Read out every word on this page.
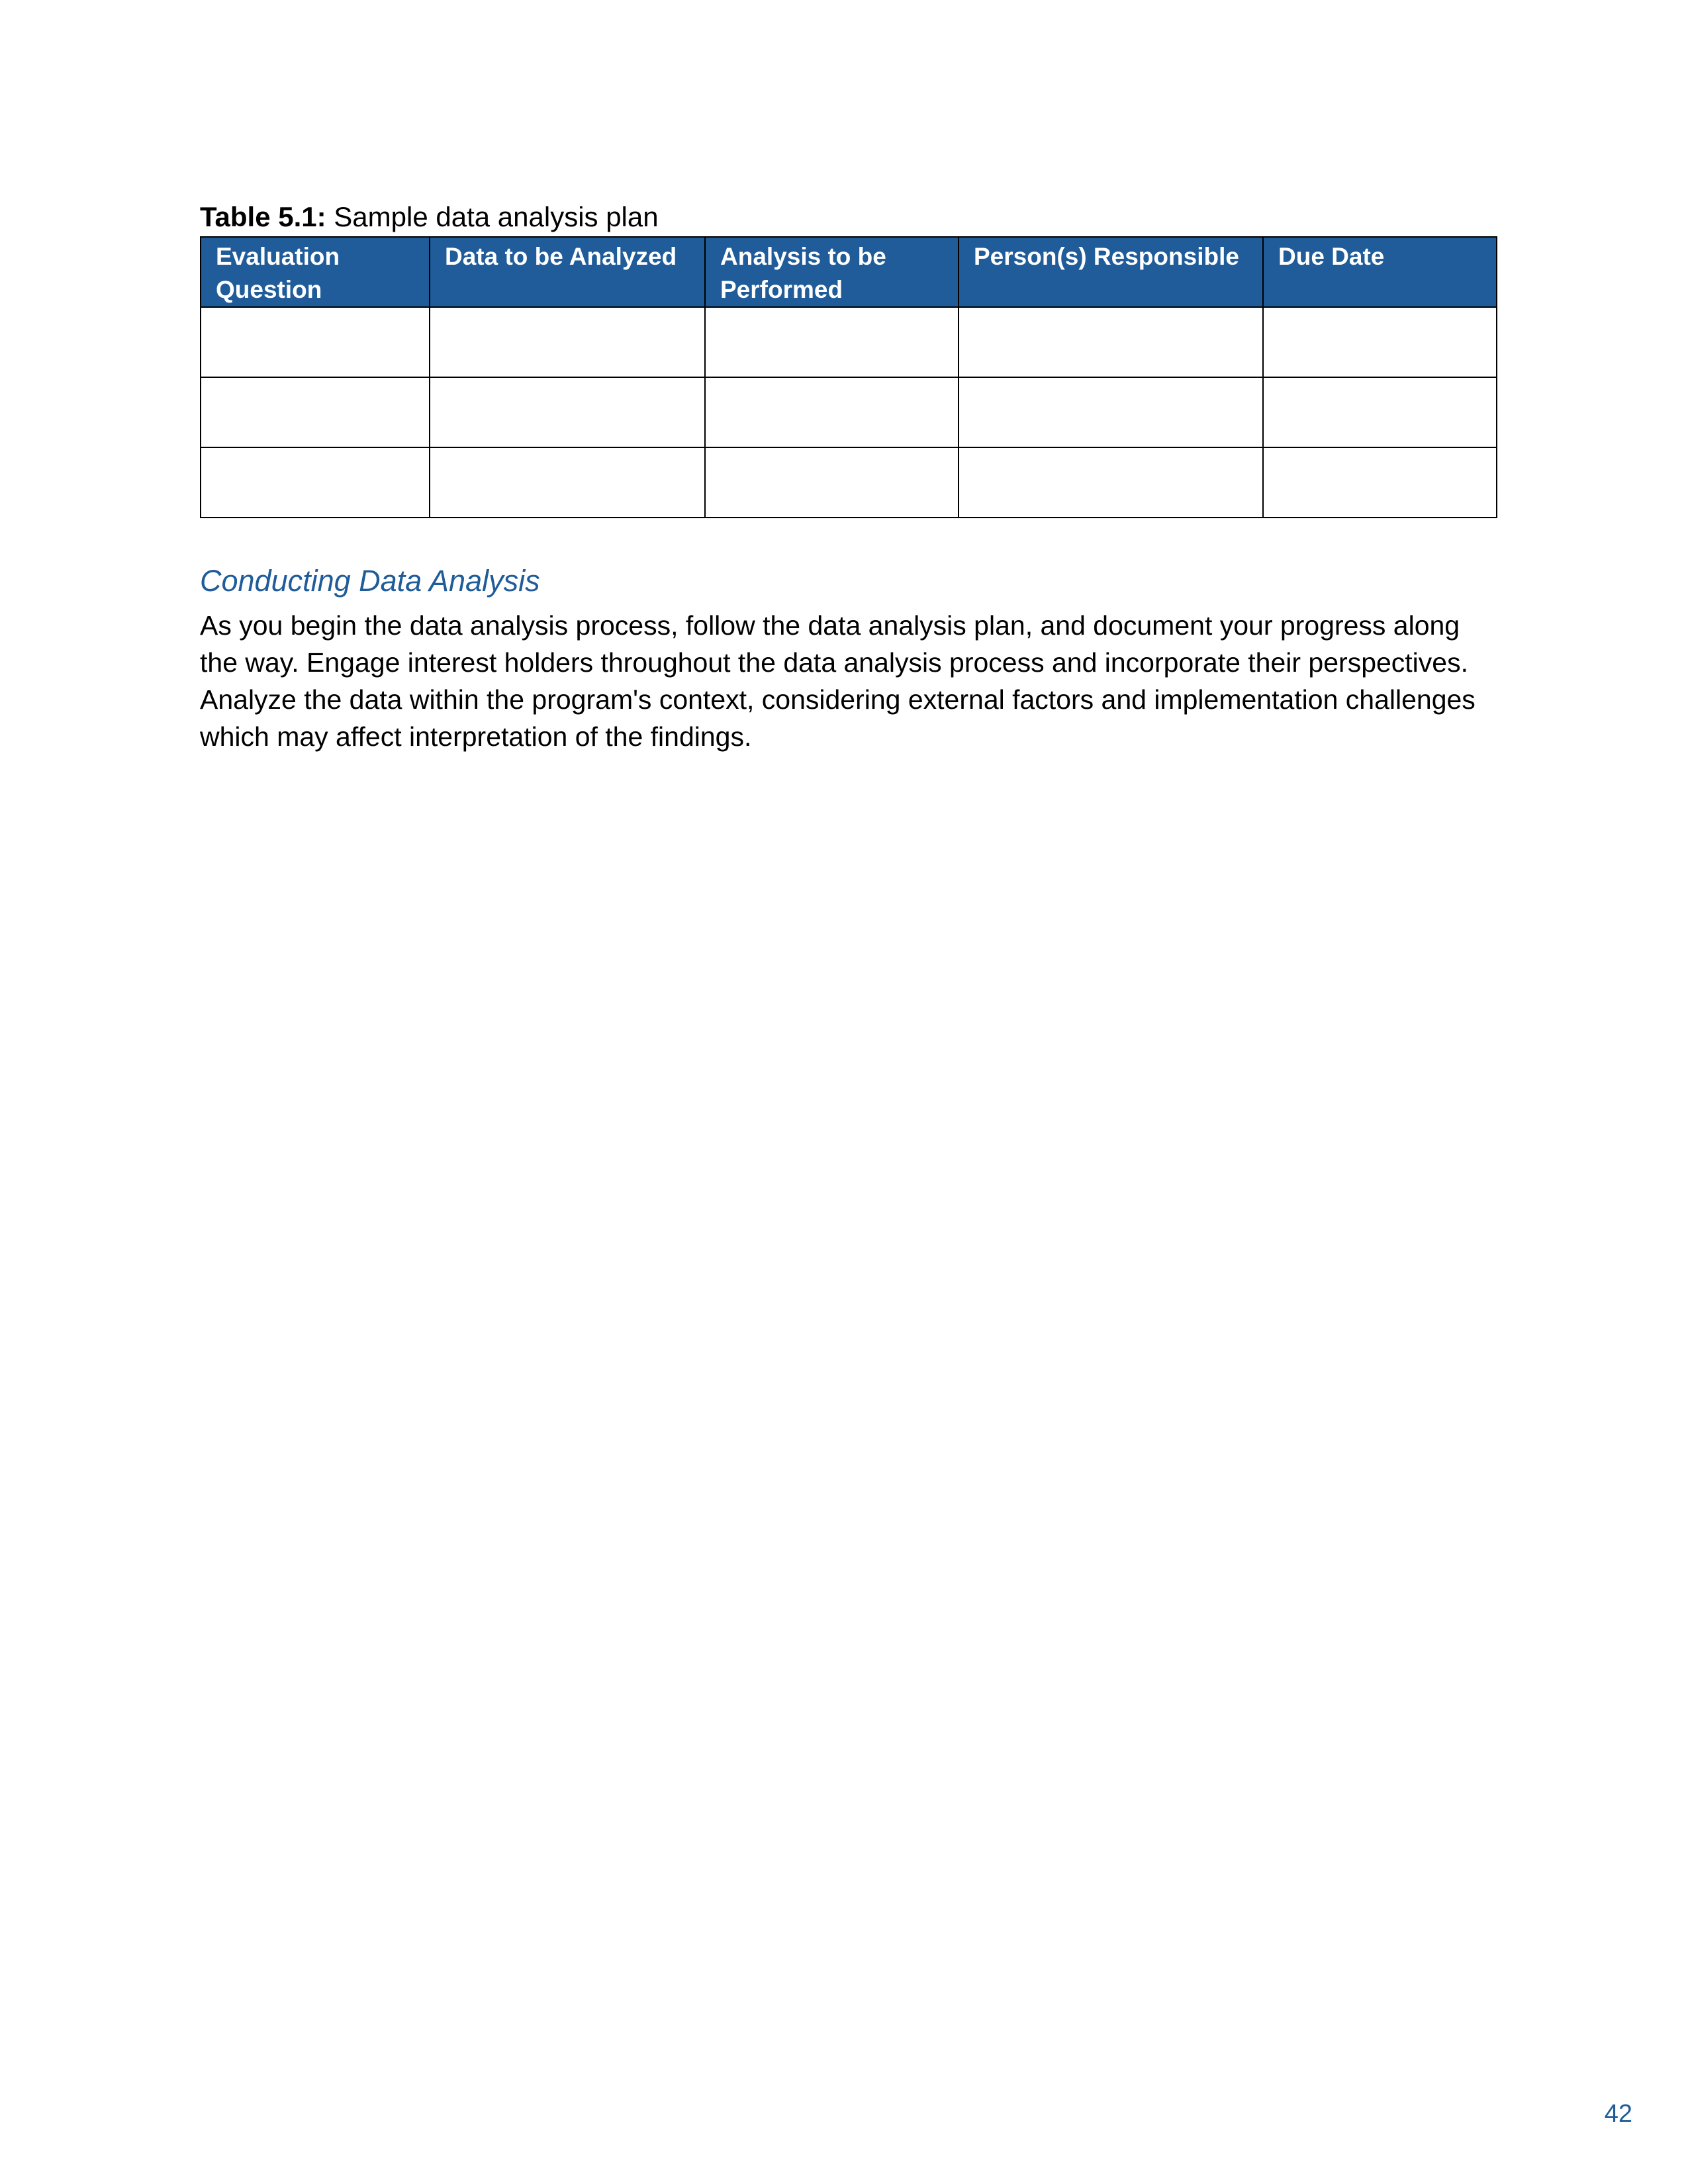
Table 5.1: Sample data analysis plan
Evaluation Question	Data to be Analyzed	Analysis to be Performed	Person(s) Responsible	Due Date

Conducting Data Analysis

As you begin the data analysis process, follow the data analysis plan, and document your progress along the way. Engage interest holders throughout the data analysis process and incorporate their perspectives. Analyze the data within the program's context, considering external factors and implementation challenges which may affect interpretation of the findings.

42
